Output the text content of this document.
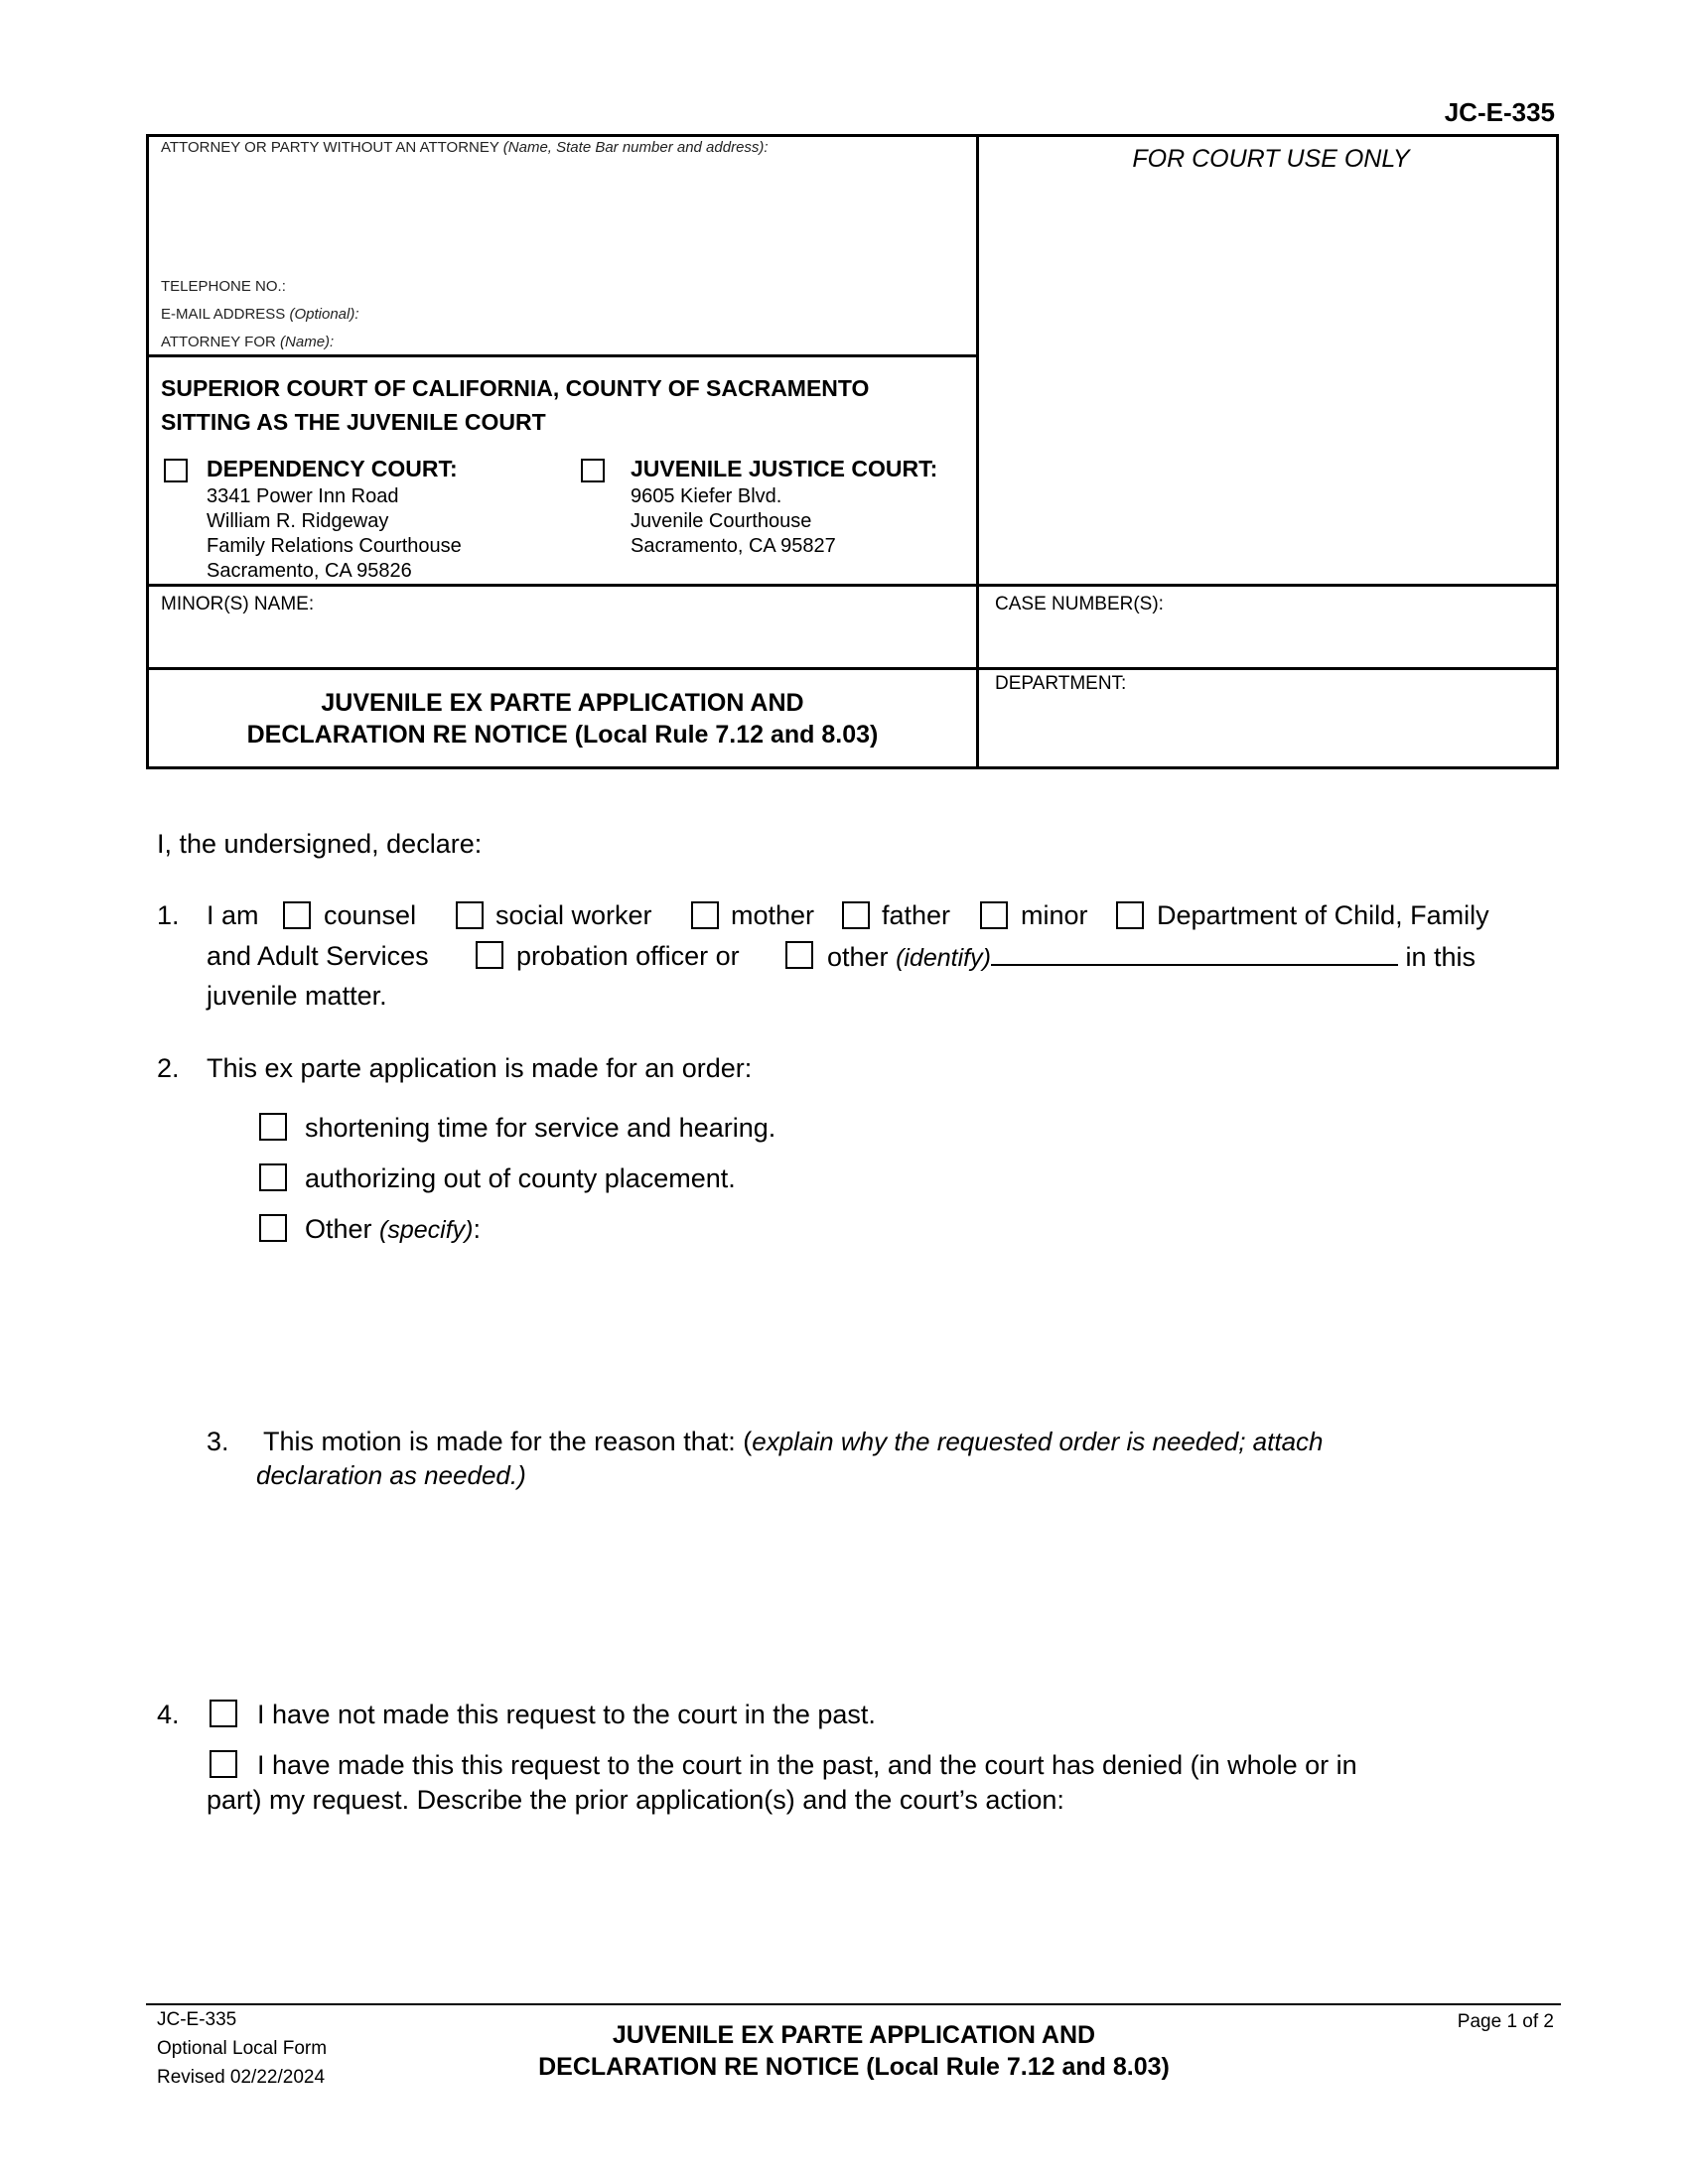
JC-E-335
ATTORNEY OR PARTY WITHOUT AN ATTORNEY (Name, State Bar number and address):	FOR COURT USE ONLY
TELEPHONE NO.:
E-MAIL ADDRESS (Optional):
ATTORNEY FOR (Name):
SUPERIOR COURT OF CALIFORNIA, COUNTY OF SACRAMENTO
SITTING AS THE JUVENILE COURT
DEPENDENCY COURT:
3341 Power Inn Road
William R. Ridgeway
Family Relations Courthouse
Sacramento, CA 95826
JUVENILE JUSTICE COURT:
9605 Kiefer Blvd.
Juvenile Courthouse
Sacramento, CA 95827
MINOR(S) NAME:	CASE NUMBER(S):
DEPARTMENT:
JUVENILE EX PARTE APPLICATION AND
DECLARATION RE NOTICE (Local Rule 7.12 and 8.03)
I, the undersigned, declare:
1. I am counsel	social worker	mother	father	minor	Department of Child, Family
and Adult Services	probation officer or	other (identify)	in this
juvenile matter.
2. This ex parte application is made for an order:
shortening time for service and hearing.
authorizing out of county placement.
Other (specify):
3. This motion is made for the reason that: (explain why the requested order is needed; attach
declaration as needed.)
4.	I have not made this request to the court in the past.
I have made this this request to the court in the past, and the court has denied (in whole or in
part) my request. Describe the prior application(s) and the court’s action:
JC-E-335
Optional Local Form
Revised 02/22/2024
JUVENILE EX PARTE APPLICATION AND
DECLARATION RE NOTICE (Local Rule 7.12 and 8.03)
Page 1 of 2
